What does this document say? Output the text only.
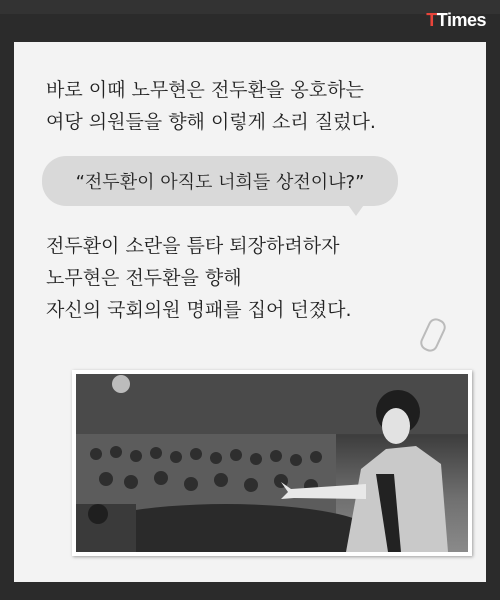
TTimes
바로 이때 노무현은 전두환을 옹호하는
여당 의원들을 향해 이렇게 소리 질렀다.
“전두환이 아직도 너희들 상전이냐?”
전두환이 소란을 틈타 퇴장하려하자
노무현은 전두환을 향해
자신의 국회의원 명패를 집어 던졌다.
